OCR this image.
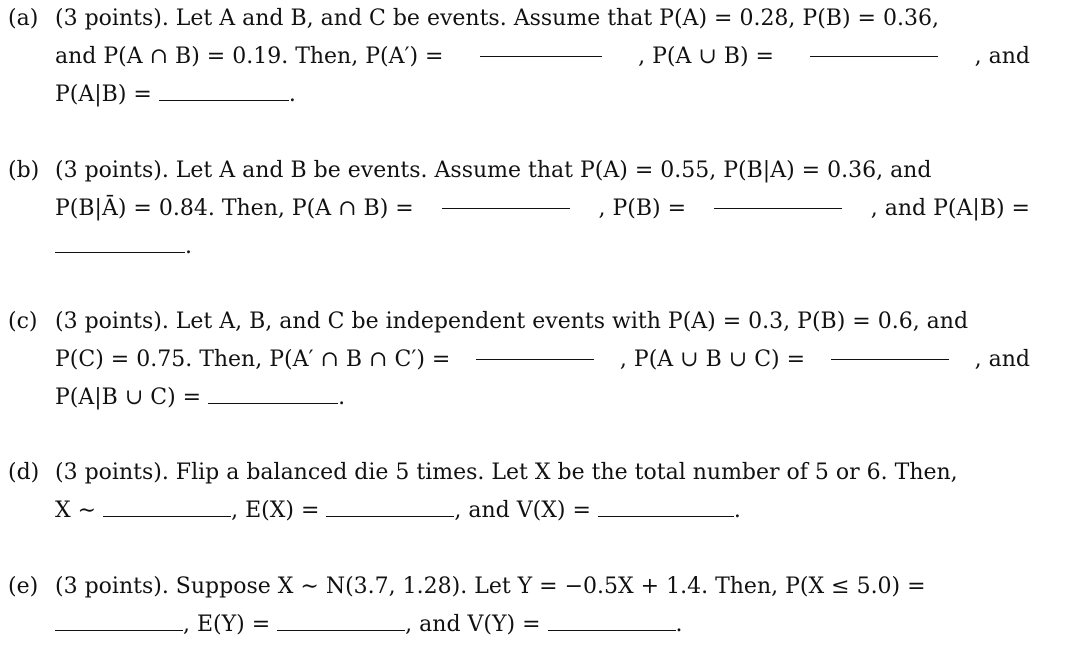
(a) (3 points). Let A and B, and C be events. Assume that P(A) = 0.28, P(B) = 0.36,
and P(A ∩ B) = 0.19. Then, P(A′) =	, P(A ∪ B) =	, and
P(A|B) =	.
(b) (3 points). Let A and B be events. Assume that P(A) = 0.55, P(B|A) = 0.36, and
P(B|Ā) = 0.84. Then, P(A ∩ B) =	, P(B) =	, and P(A|B) =
.
(c) (3 points). Let A, B, and C be independent events with P(A) = 0.3, P(B) = 0.6, and
P(C) = 0.75. Then, P(A′ ∩ B ∩ C′) =	, P(A ∪ B ∪ C) =	, and
P(A|B ∪ C) =	.
(d) (3 points). Flip a balanced die 5 times. Let X be the total number of 5 or 6. Then,
X ∼	, E(X) =	, and V(X) =	.
(e) (3 points). Suppose X ∼ N(3.7, 1.28). Let Y = −0.5X + 1.4. Then, P(X ≤ 5.0) =
, E(Y) =	, and V(Y) =	.
